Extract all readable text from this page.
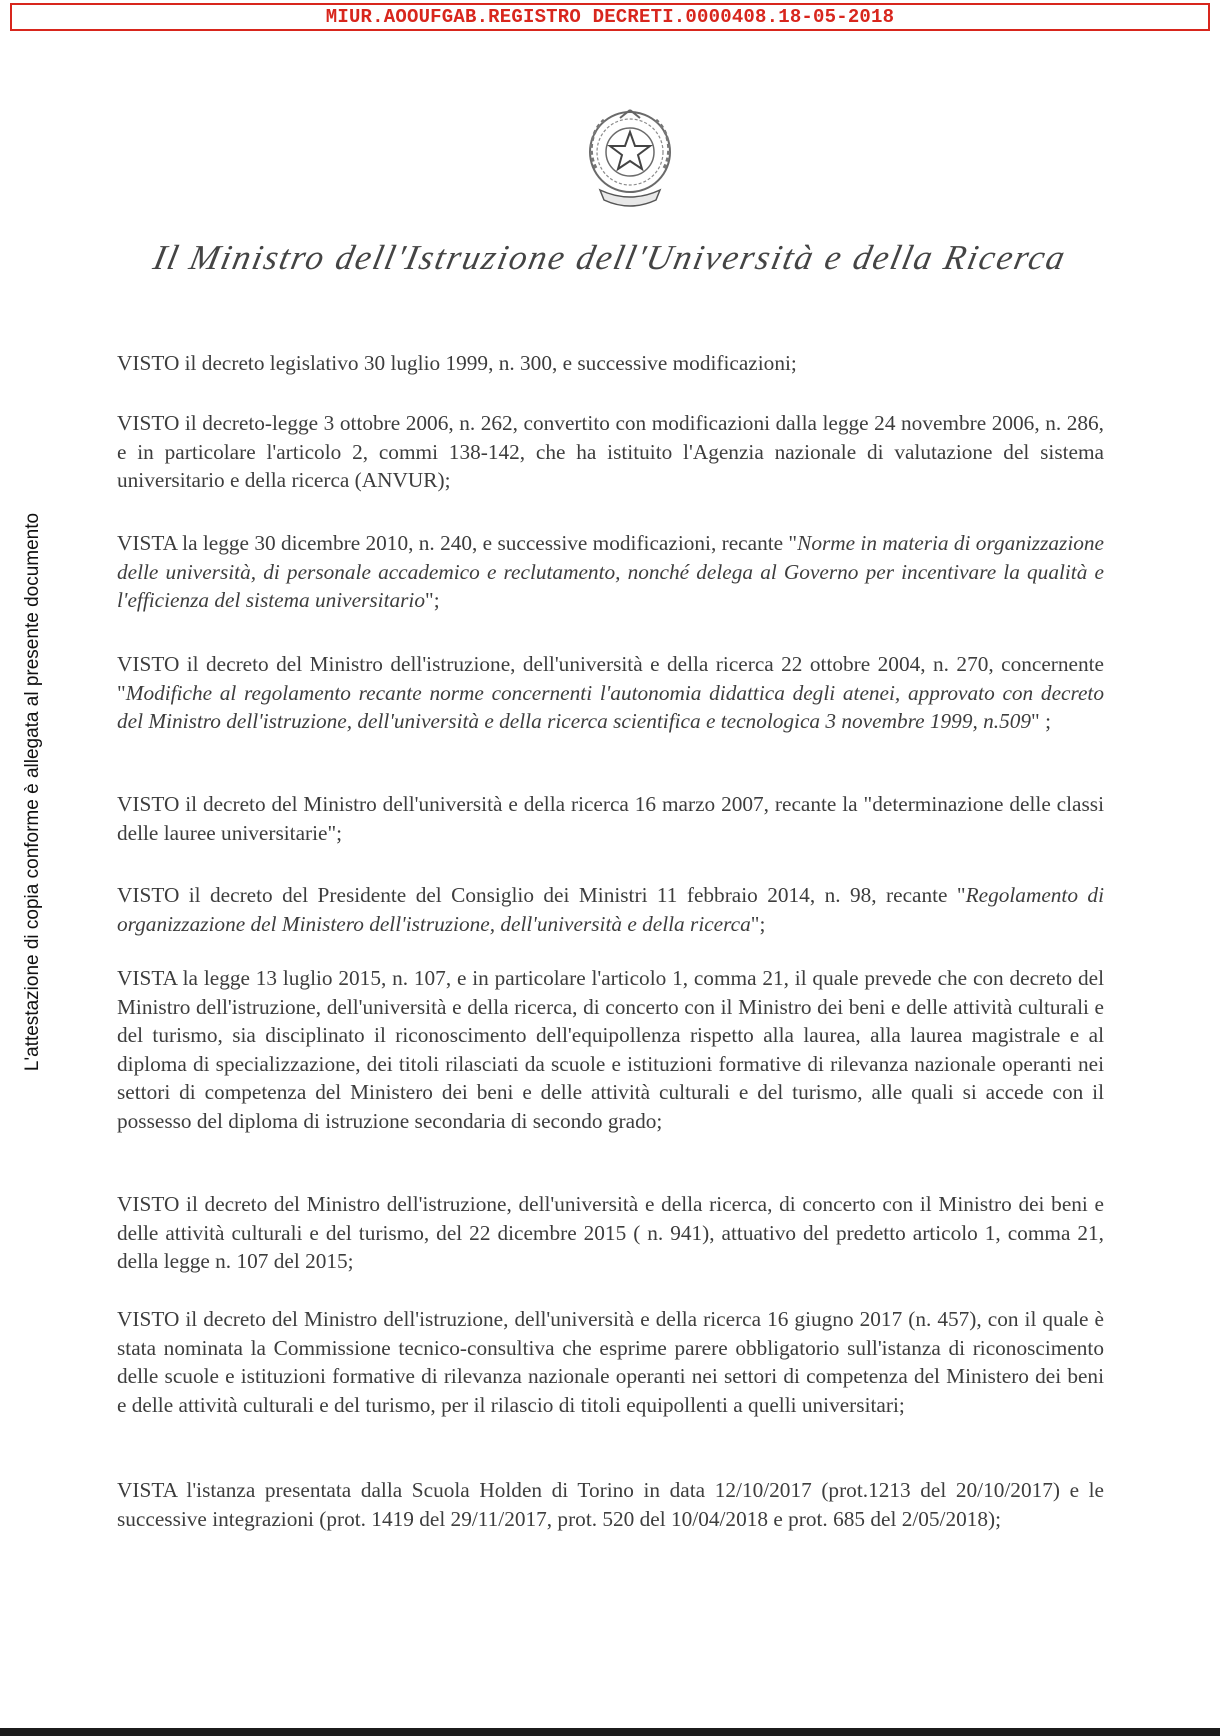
MIUR.AOOUFGAB.REGISTRO DECRETI.0000408.18-05-2018
L'attestazione di copia conforme è allegata al presente documento
Il Ministro dell'Istruzione dell'Università e della Ricerca

VISTO il decreto legislativo 30 luglio 1999, n. 300, e successive modificazioni;

VISTO il decreto-legge 3 ottobre 2006, n. 262, convertito con modificazioni dalla legge 24 novembre 2006, n. 286, e in particolare l'articolo 2, commi 138-142, che ha istituito l'Agenzia nazionale di valutazione del sistema universitario e della ricerca (ANVUR);

VISTA la legge 30 dicembre 2010, n. 240, e successive modificazioni, recante "Norme in materia di organizzazione delle università, di personale accademico e reclutamento, nonché delega al Governo per incentivare la qualità e l'efficienza del sistema universitario";

VISTO il decreto del Ministro dell'istruzione, dell'università e della ricerca 22 ottobre 2004, n. 270, concernente "Modifiche al regolamento recante norme concernenti l'autonomia didattica degli atenei, approvato con decreto del Ministro dell'istruzione, dell'università e della ricerca scientifica e tecnologica 3 novembre 1999, n.509" ;

VISTO il decreto del Ministro dell'università e della ricerca 16 marzo 2007, recante la "determinazione delle classi delle lauree universitarie";

VISTO il decreto del Presidente del Consiglio dei Ministri 11 febbraio 2014, n. 98, recante "Regolamento di organizzazione del Ministero dell'istruzione, dell'università e della ricerca";

VISTA la legge 13 luglio 2015, n. 107, e in particolare l'articolo 1, comma 21, il quale prevede che con decreto del Ministro dell'istruzione, dell'università e della ricerca, di concerto con il Ministro dei beni e delle attività culturali e del turismo, sia disciplinato il riconoscimento dell'equipollenza rispetto alla laurea, alla laurea magistrale e al diploma di specializzazione, dei titoli rilasciati da scuole e istituzioni formative di rilevanza nazionale operanti nei settori di competenza del Ministero dei beni e delle attività culturali e del turismo, alle quali si accede con il possesso del diploma di istruzione secondaria di secondo grado;

VISTO il decreto del Ministro dell'istruzione, dell'università e della ricerca, di concerto con il Ministro dei beni e delle attività culturali e del turismo, del 22 dicembre 2015 ( n. 941), attuativo del predetto articolo 1, comma 21, della legge n. 107 del 2015;

VISTO il decreto del Ministro dell'istruzione, dell'università e della ricerca 16 giugno 2017 (n. 457), con il quale è stata nominata la Commissione tecnico-consultiva che esprime parere obbligatorio sull'istanza di riconoscimento delle scuole e istituzioni formative di rilevanza nazionale operanti nei settori di competenza del Ministero dei beni e delle attività culturali e del turismo, per il rilascio di titoli equipollenti a quelli universitari;

VISTA l'istanza presentata dalla Scuola Holden di Torino in data 12/10/2017 (prot.1213 del 20/10/2017) e le successive integrazioni (prot. 1419 del 29/11/2017, prot. 520 del 10/04/2018 e prot. 685 del 2/05/2018);
